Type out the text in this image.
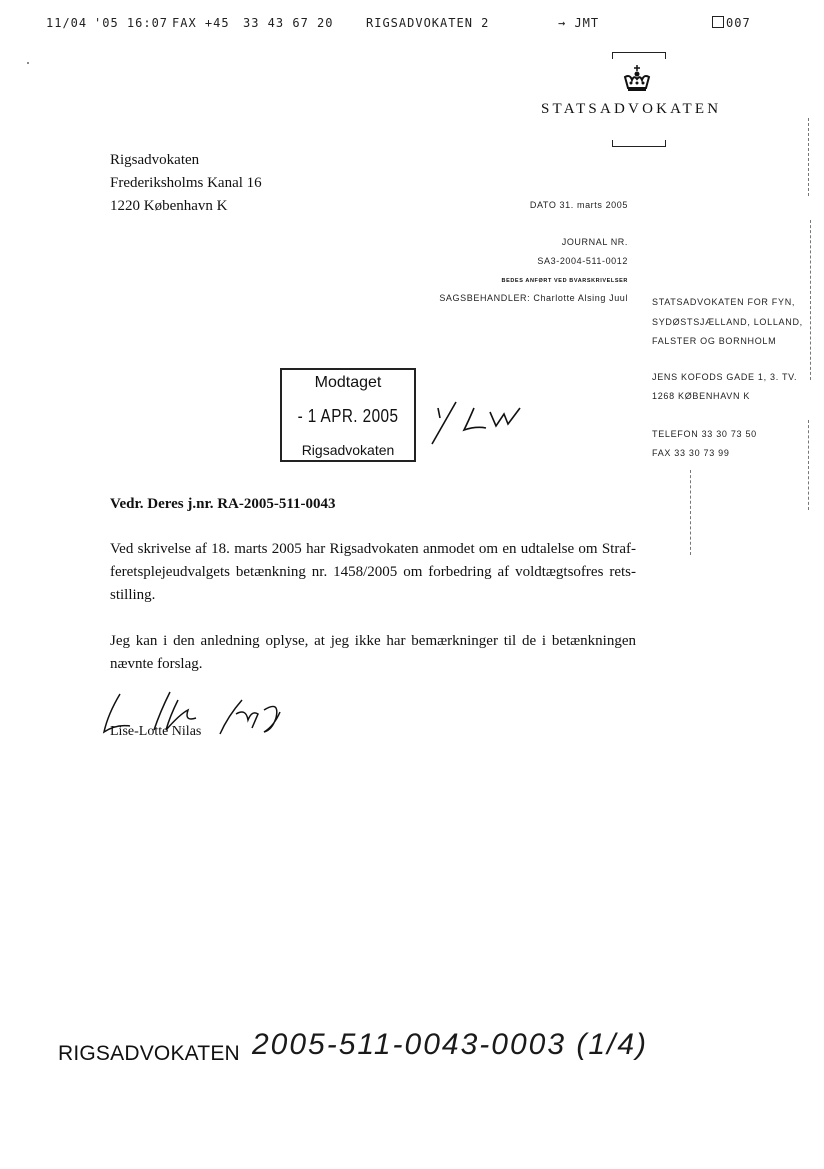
11/04 '05 16:07 FAX +45 33 43 67 20	RIGSADVOKATEN 2	→ JMT	007
STATSADVOKATEN
Rigsadvokaten
Frederiksholms Kanal 16
1220 København K	DATO 31. marts 2005
JOURNAL NR.
SA3-2004-511-0012
BEDES ANFØRT VED BVARSKRIVELSER
SAGSBEHANDLER: Charlotte Alsing Juul	STATSADVOKATEN FOR FYN,
SYDØSTSJÆLLAND, LOLLAND,
FALSTER OG BORNHOLM
JENS KOFODS GADE 1, 3. TV.
1268 KØBENHAVN K
TELEFON 33 30 73 50
FAX 33 30 73 99
Modtaget
- 1 APR. 2005
Rigsadvokaten
Vedr. Deres j.nr. RA-2005-511-0043
Ved skrivelse af 18. marts 2005 har Rigsadvokaten anmodet om en udtalelse om Strafferetsplejeudvalgets betænkning nr. 1458/2005 om forbedring af voldtægtsofres retsstilling.
Jeg kan i den anledning oplyse, at jeg ikke har bemærkninger til de i betænkningen nævnte forslag.
Lise-Lotte Nilas
RIGSADVOKATEN 2005-511-0043-0003 (1/4)
